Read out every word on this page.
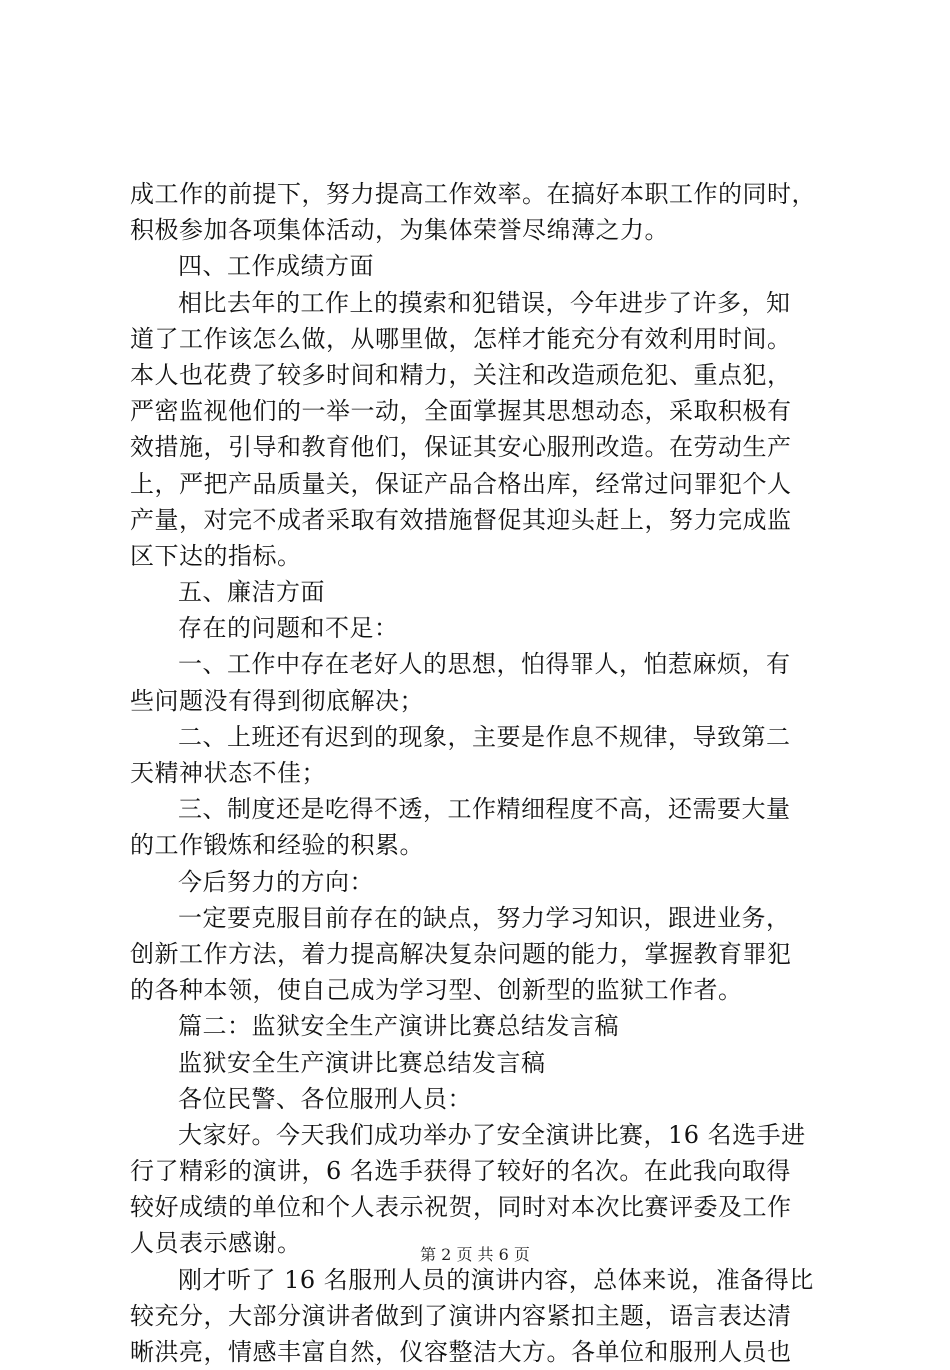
成工作的前提下，努力提高工作效率。在搞好本职工作的同时，
积极参加各项集体活动，为集体荣誉尽绵薄之力。
四、工作成绩方面
相比去年的工作上的摸索和犯错误，今年进步了许多，知
道了工作该怎么做，从哪里做，怎样才能充分有效利用时间。
本人也花费了较多时间和精力，关注和改造顽危犯、重点犯，
严密监视他们的一举一动，全面掌握其思想动态，采取积极有
效措施，引导和教育他们，保证其安心服刑改造。在劳动生产
上，严把产品质量关，保证产品合格出库，经常过问罪犯个人
产量，对完不成者采取有效措施督促其迎头赶上，努力完成监
区下达的指标。
五、廉洁方面
存在的问题和不足：
一、工作中存在老好人的思想，怕得罪人，怕惹麻烦，有
些问题没有得到彻底解决；
二、上班还有迟到的现象，主要是作息不规律，导致第二
天精神状态不佳；
三、制度还是吃得不透，工作精细程度不高，还需要大量
的工作锻炼和经验的积累。
今后努力的方向：
一定要克服目前存在的缺点，努力学习知识，跟进业务，
创新工作方法，着力提高解决复杂问题的能力，掌握教育罪犯
的各种本领，使自己成为学习型、创新型的监狱工作者。
篇二：监狱安全生产演讲比赛总结发言稿
监狱安全生产演讲比赛总结发言稿
各位民警、各位服刑人员：
大家好。今天我们成功举办了安全演讲比赛，16 名选手进
行了精彩的演讲，6 名选手获得了较好的名次。在此我向取得
较好成绩的单位和个人表示祝贺，同时对本次比赛评委及工作
人员表示感谢。
刚才听了 16 名服刑人员的演讲内容，总体来说，准备得比
较充分，大部分演讲者做到了演讲内容紧扣主题，语言表达清
晰洪亮，情感丰富自然，仪容整洁大方。各单位和服刑人员也
第 2 页 共 6 页
